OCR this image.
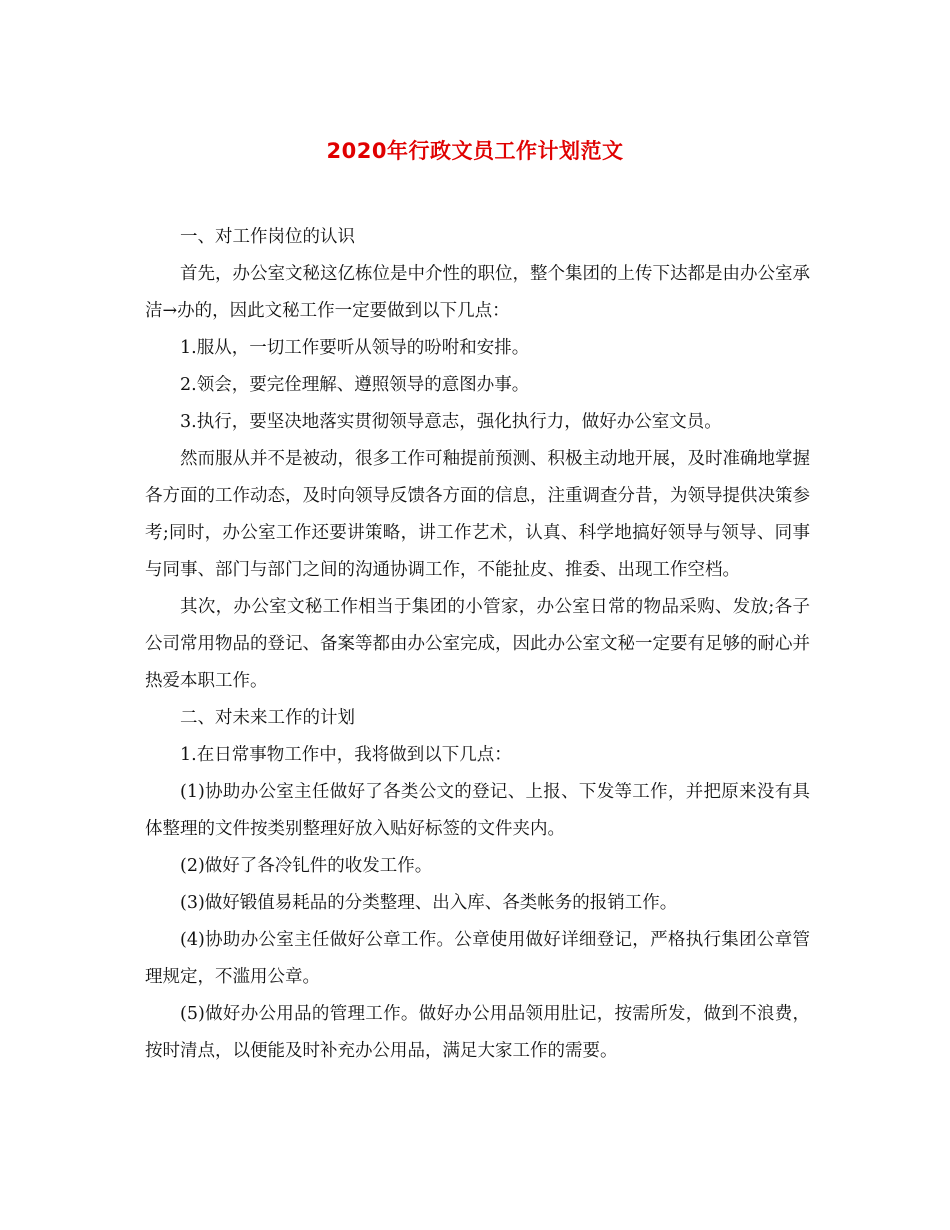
2020年行政文员工作计划范文

一、对工作岗位的认识

首先，办公室文秘这亿栋位是中介性的职位，整个集团的上传下达都是由办公室承洁→办的，因此文秘工作一定要做到以下几点：

1.服从，一切工作要听从领导的吩咐和安排。

2.领会，要完佺理解、遵照领导的意图办事。

3.执行，要坚决地落实贯彻领导意志，强化执行力，做好办公室文员。

然而服从并不是被动，很多工作可釉提前预测、积极主动地开展，及时准确地掌握各方面的工作动态，及时向领导反馈各方面的信息，注重调查分昔，为领导提供决策参考;同时，办公室工作还要讲策略，讲工作艺术，认真、科学地搞好领导与领导、同事与同事、部门与部门之间的沟通协调工作，不能扯皮、推委、出现工作空档。

其次，办公室文秘工作相当于集团的小管家，办公室日常的物品采购、发放;各子公司常用物品的登记、备案等都由办公室完成，因此办公室文秘一定要有足够的耐心并热爱本职工作。

二、对未来工作的计划

1.在日常事物工作中，我将做到以下几点：

(1)协助办公室主任做好了各类公文的登记、上报、下发等工作，并把原来没有具体整理的文件按类别整理好放入贴好标签的文件夹内。

(2)做好了各冷钆件的收发工作。

(3)做好锻值易耗品的分类整理、出入库、各类帐务的报销工作。

(4)协助办公室主任做好公章工作。公章使用做好详细登记，严格执行集团公章管理规定，不滥用公章。

(5)做好办公用品的管理工作。做好办公用品领用肚记，按需所发，做到不浪费，按时清点，以便能及时补充办公用品，满足大家工作的需要。
